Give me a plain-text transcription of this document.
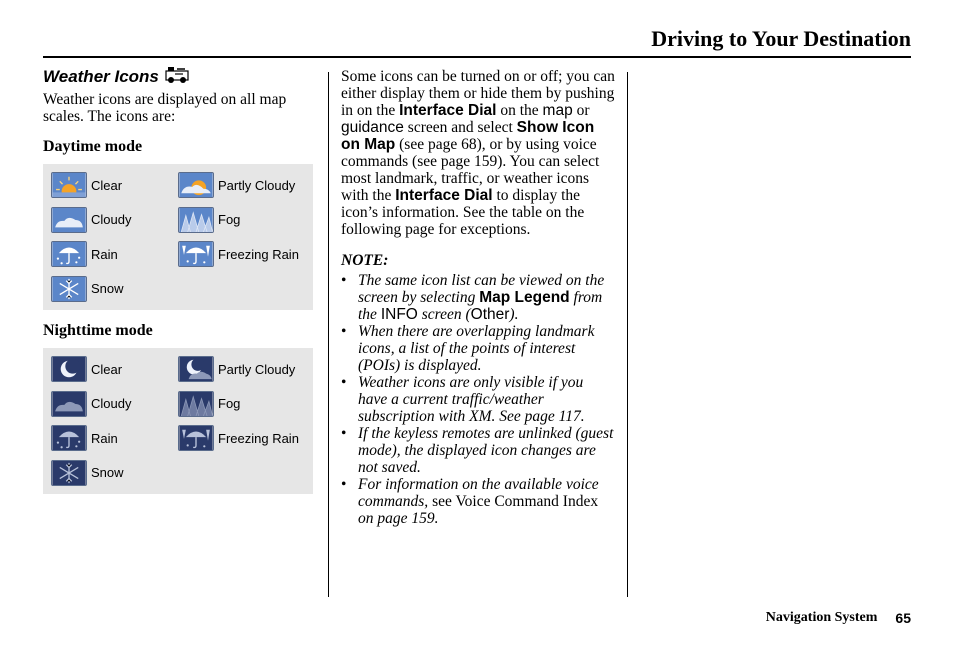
Driving to Your Destination
Weather Icons
Weather icons are displayed on all map scales. The icons are:
Daytime mode
Clear	Partly Cloudy
Cloudy	Fog
Rain	Freezing Rain
Snow
Nighttime mode
Clear	Partly Cloudy
Cloudy	Fog
Rain	Freezing Rain
Snow

Some icons can be turned on or off; you can either display them or hide them by pushing in on the Interface Dial on the map or guidance screen and select Show Icon on Map (see page 68), or by using voice commands (see page 159). You can select most landmark, traffic, or weather icons with the Interface Dial to display the icon’s information. See the table on the following page for exceptions.

NOTE:
• The same icon list can be viewed on the screen by selecting Map Legend from the INFO screen (Other).
• When there are overlapping landmark icons, a list of the points of interest (POIs) is displayed.
• Weather icons are only visible if you have a current traffic/weather subscription with XM. See page 117.
• If the keyless remotes are unlinked (guest mode), the displayed icon changes are not saved.
• For information on the available voice commands, see Voice Command Index on page 159.
Navigation System 65
